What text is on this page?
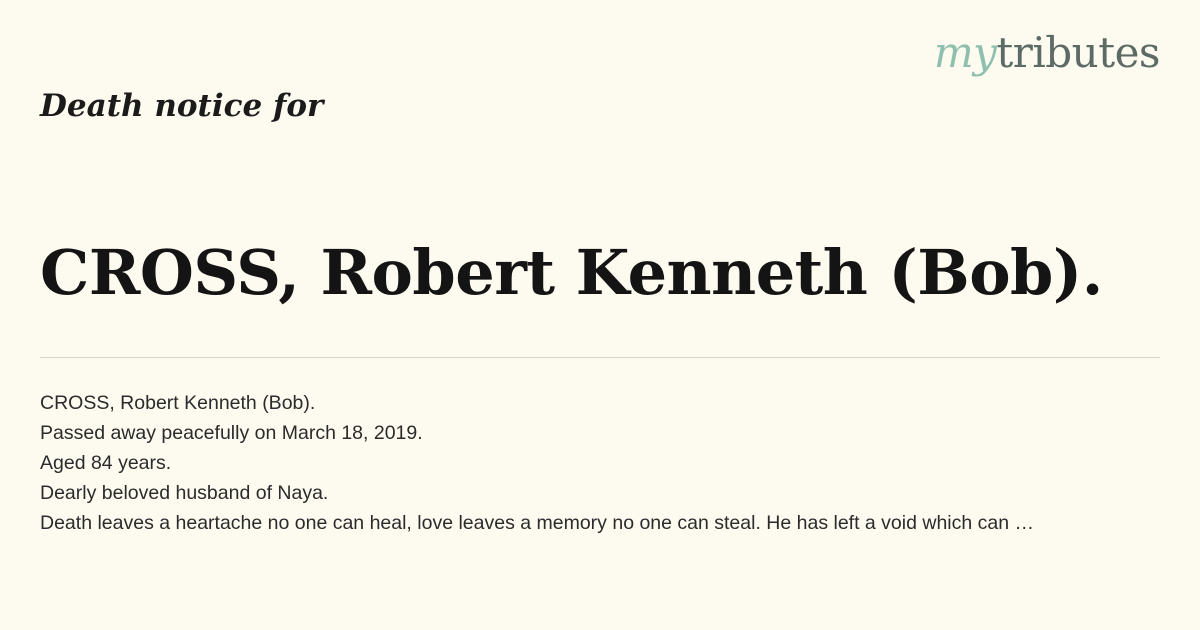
mytributes
Death notice for
CROSS, Robert Kenneth (Bob).
CROSS, Robert Kenneth (Bob).
Passed away peacefully on March 18, 2019.
Aged 84 years.
Dearly beloved husband of Naya.
Death leaves a heartache no one can heal, love leaves a memory no one can steal. He has left a void which can …
